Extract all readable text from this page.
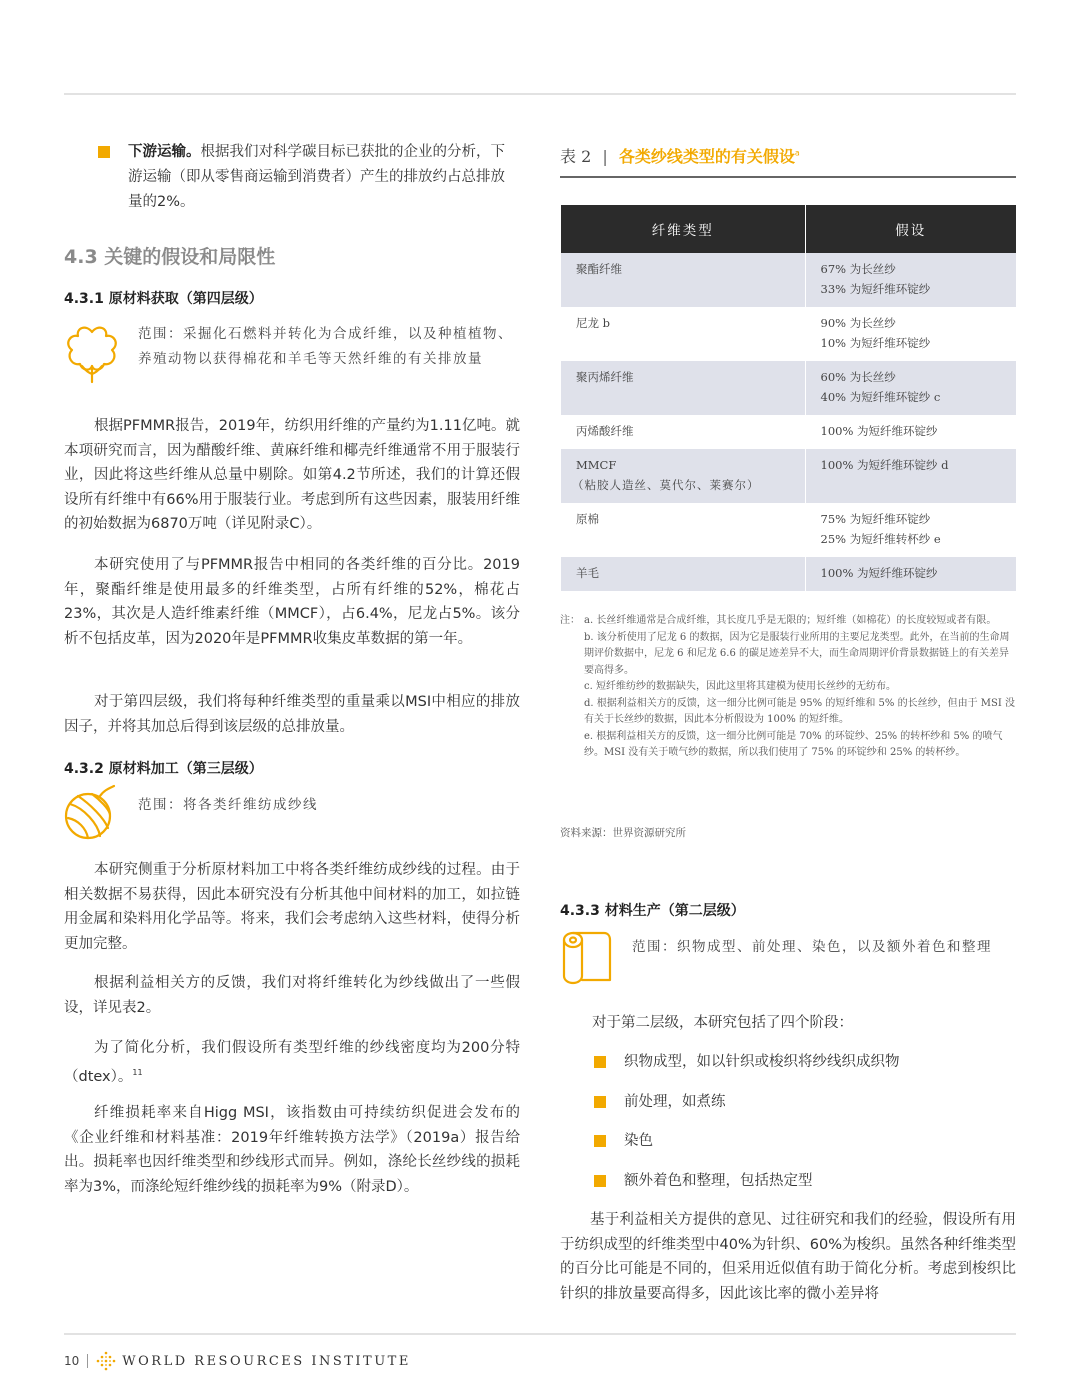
下游运输。根据我们对科学碳目标已获批的企业的分析，下游运输（即从零售商运输到消费者）产生的排放约占总排放量的2%。

4.3 关键的假设和局限性
4.3.1 原材料获取（第四层级）

范围：采掘化石燃料并转化为合成纤维，以及种植植物、养殖动物以获得棉花和羊毛等天然纤维的有关排放量

根据PFMMR报告，2019年，纺织用纤维的产量约为1.11亿吨。就本项研究而言，因为醋酸纤维、黄麻纤维和椰壳纤维通常不用于服装行业，因此将这些纤维从总量中剔除。如第4.2节所述，我们的计算还假设所有纤维中有66%用于服装行业。考虑到所有这些因素，服装用纤维的初始数据为6870万吨（详见附录C）。

本研究使用了与PFMMR报告中相同的各类纤维的百分比。2019年，聚酯纤维是使用最多的纤维类型，占所有纤维的52%，棉花占23%，其次是人造纤维素纤维（MMCF），占6.4%，尼龙占5%。该分析不包括皮革，因为2020年是PFMMR收集皮革数据的第一年。

对于第四层级，我们将每种纤维类型的重量乘以MSI中相应的排放因子，并将其加总后得到该层级的总排放量。

4.3.2 原材料加工（第三层级）

范围：将各类纤维纺成纱线

本研究侧重于分析原材料加工中将各类纤维纺成纱线的过程。由于相关数据不易获得，因此本研究没有分析其他中间材料的加工，如拉链用金属和染料用化学品等。将来，我们会考虑纳入这些材料，使得分析更加完整。

根据利益相关方的反馈，我们对将纤维转化为纱线做出了一些假设，详见表2。

为了简化分析，我们假设所有类型纤维的纱线密度均为200分特（dtex）。$^{11}$

纤维损耗率来自Higg MSI，该指数由可持续纺织促进会发布的《企业纤维和材料基准：2019年纤维转换方法学》（2019a）报告给出。损耗率也因纤维类型和纱线形式而异。例如，涤纶长丝纱线的损耗率为3%，而涤纶短纤维纱线的损耗率为9%（附录D）。

表 2 | 各类纱线类型的有关假设$^a$
纤维类型	假设
聚酯纤维	67% 为长丝纱
33% 为短纤维环锭纱

尼龙 b	90% 为长丝纱
10% 为短纤维环锭纱

聚丙烯纤维	60% 为长丝纱
40% 为短纤维环锭纱 c

丙烯酸纤维	100% 为短纤维环锭纱

MMCF
（粘胶人造丝、莫代尔、莱赛尔）	100% 为短纤维环锭纱 d

原棉	75% 为短纤维环锭纱
25% 为短纤维转杯纱 e

羊毛	100% 为短纤维环锭纱
注： a. 长丝纤维通常是合成纤维，其长度几乎是无限的；短纤维（如棉花）的长度较短或者有限。
b. 该分析使用了尼龙 6 的数据，因为它是服装行业所用的主要尼龙类型。此外，在当前的生命周期评价数据中，尼龙 6 和尼龙 6.6 的碳足迹差异不大，而生命周期评价背景数据链上的有关差异要高得多。
c. 短纤维纺纱的数据缺失，因此这里将其建模为使用长丝纱的无纺布。
d. 根据利益相关方的反馈，这一细分比例可能是 95% 的短纤维和 5% 的长丝纱，但由于 MSI 没有关于长丝纱的数据，因此本分析假设为 100% 的短纤维。
e. 根据利益相关方的反馈，这一细分比例可能是 70% 的环锭纱、25% 的转杯纱和 5% 的喷气纱。MSI 没有关于喷气纱的数据，所以我们使用了 75% 的环锭纱和 25% 的转杯纱。

资料来源：世界资源研究所

4.3.3 材料生产（第二层级）

范围：织物成型、前处理、染色，以及额外着色和整理

对于第二层级，本研究包括了四个阶段：

织物成型，如以针织或梭织将纱线织成织物
前处理，如煮练
染色
额外着色和整理，包括热定型

基于利益相关方提供的意见、过往研究和我们的经验，假设所有用于纺织成型的纤维类型中40%为针织、60%为梭织。虽然各种纤维类型的百分比可能是不同的，但采用近似值有助于简化分析。考虑到梭织比针织的排放量要高得多，因此该比率的微小差异将

10	WORLD RESOURCES INSTITUTE
